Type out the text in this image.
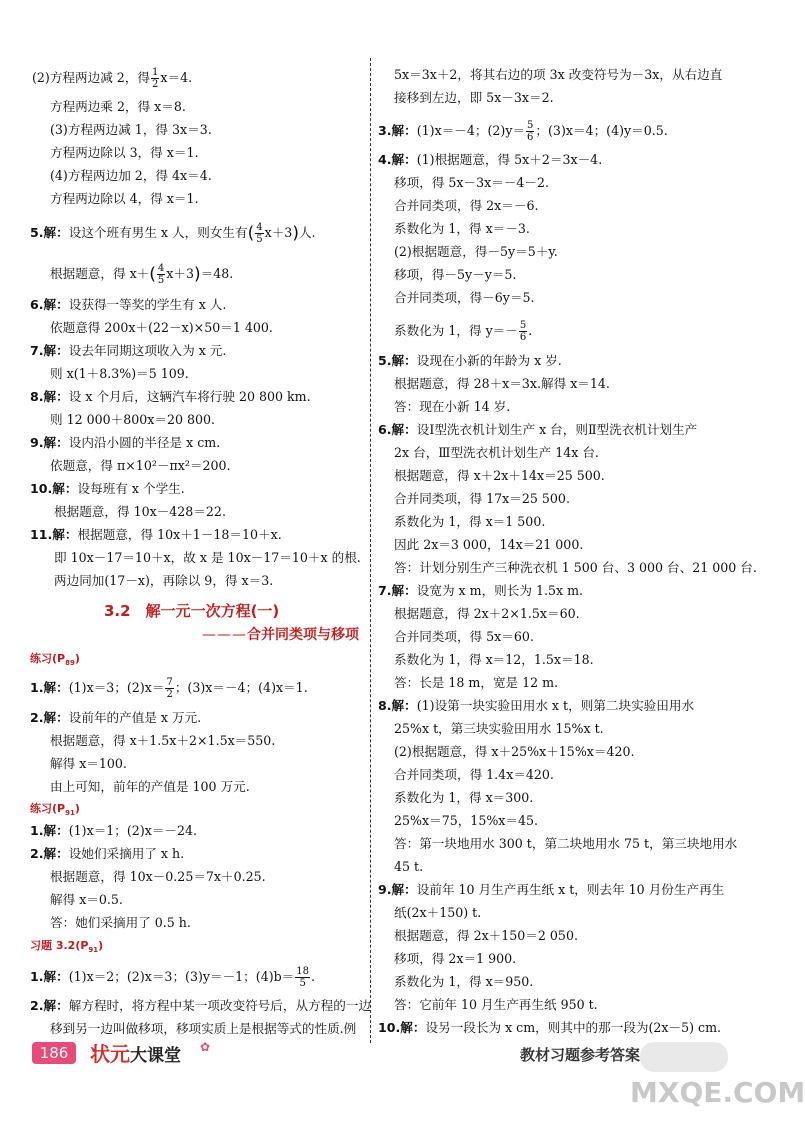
(2)方程两边减 2，得 $\frac{1}{2} x=4$.
方程两边乘 2，得 x＝8.
(3)方程两边减 1，得 3x＝3.
方程两边除以 3，得 x＝1.
(4)方程两边加 2，得 4x＝4.
方程两边除以 4，得 x＝1.
5.解：设这个班有男生 x 人，则女生有( $\frac{4}{5} x+3$)人.
根据题意，得 $x+( \frac{4}{5} x+3)=48$.
6.解：设获得一等奖的学生有 x 人.
依题意得 200x＋(22－x)×50＝1 400.
7.解：设去年同期这项收入为 x 元.
则 x(1＋8.3%)＝5 109.
8.解：设 x 个月后，这辆汽车将行驶 20 800 km.
则 12 000＋800x＝20 800.
9.解：设内沿小圆的半径是 x cm.
依题意，得 π×10²－πx²＝200.
10.解：设每班有 x 个学生.
根据题意，得 10x－428＝22.
11.解：根据题意，得 10x＋1－18＝10＋x.
即 10x－17＝10＋x，故 x 是 10x－17＝10＋x 的根.
两边同加(17－x)，再除以 9，得 x＝3.
3.2　解一元一次方程(一)
———合并同类项与移项
练习$(P_{89})$
1.解：(1)x＝3；$(2)x= \frac{7}{2}$ ；(3)x＝－4；(4)x＝1.
2.解：设前年的产值是 x 万元.
根据题意，得 x＋1.5x＋2×1.5x＝550.
解得 x＝100.
由上可知，前年的产值是 100 万元.
练习$(P_{91})$
1.解：(1)x＝1；(2)x＝－24.
2.解：设她们采摘用了 x h.
根据题意，得 10x－0.25＝7x＋0.25.
解得 x＝0.5.
答：她们采摘用了 0.5 h.
习题 $3.2(P_{91})$
1.解：(1)x＝2；(2)x＝3；(3)y＝－1；$(4)b= \frac{18}{5}$ .
2.解：解方程时，将方程中某一项改变符号后，从方程的一边
移到另一边叫做移项，移项实质上是根据等式的性质.例
5x＝3x＋2，将其右边的项 3x 改变符号为－3x，从右边直
接移到左边，即 5x－3x＝2.
3.解：(1)x＝－4；$(2)y= \frac{5}{6}$ ；(3)x＝4；(4)y＝0.5.
4.解：(1)根据题意，得 5x＋2＝3x－4.
移项，得 5x－3x＝－4－2.
合并同类项，得 2x＝－6.
系数化为 1，得 x＝－3.
(2)根据题意，得－5y＝5＋y.
移项，得－5y－y＝5.
合并同类项，得－6y＝5.
系数化为 1，得 $y=- \frac{5}{6}$ .
5.解：设现在小新的年龄为 x 岁.
根据题意，得 28＋x＝3x.解得 x＝14.
答：现在小新 14 岁.
6.解：设Ⅰ型洗衣机计划生产 x 台，则Ⅱ型洗衣机计划生产
2x 台，Ⅲ型洗衣机计划生产 14x 台.
根据题意，得 x＋2x＋14x＝25 500.
合并同类项，得 17x＝25 500.
系数化为 1，得 x＝1 500.
因此 2x＝3 000，14x＝21 000.
答：计划分别生产三种洗衣机 1 500 台、3 000 台、21 000 台.
7.解：设宽为 x m，则长为 1.5x m.
根据题意，得 2x＋2×1.5x＝60.
合并同类项，得 5x＝60.
系数化为 1，得 x＝12，1.5x＝18.
答：长是 18 m，宽是 12 m.
8.解：(1)设第一块实验田用水 x t，则第二块实验田用水
25%x t，第三块实验田用水 15%x t.
(2)根据题意，得 x＋25%x＋15%x＝420.
合并同类项，得 1.4x＝420.
系数化为 1，得 x＝300.
25%x＝75，15%x＝45.
答：第一块地用水 300 t，第二块地用水 75 t，第三块地用水
45 t.
9.解：设前年 10 月生产再生纸 x t，则去年 10 月份生产再生
纸(2x＋150) t.
根据题意，得 2x＋150＝2 050.
移项，得 2x＝1 900.
系数化为 1，得 x＝950.
答：它前年 10 月生产再生纸 950 t.
10.解：设另一段长为 x cm，则其中的那一段为(2x－5) cm.
186	状元大课堂 ✿	教材习题参考答案
MXQE.COM
